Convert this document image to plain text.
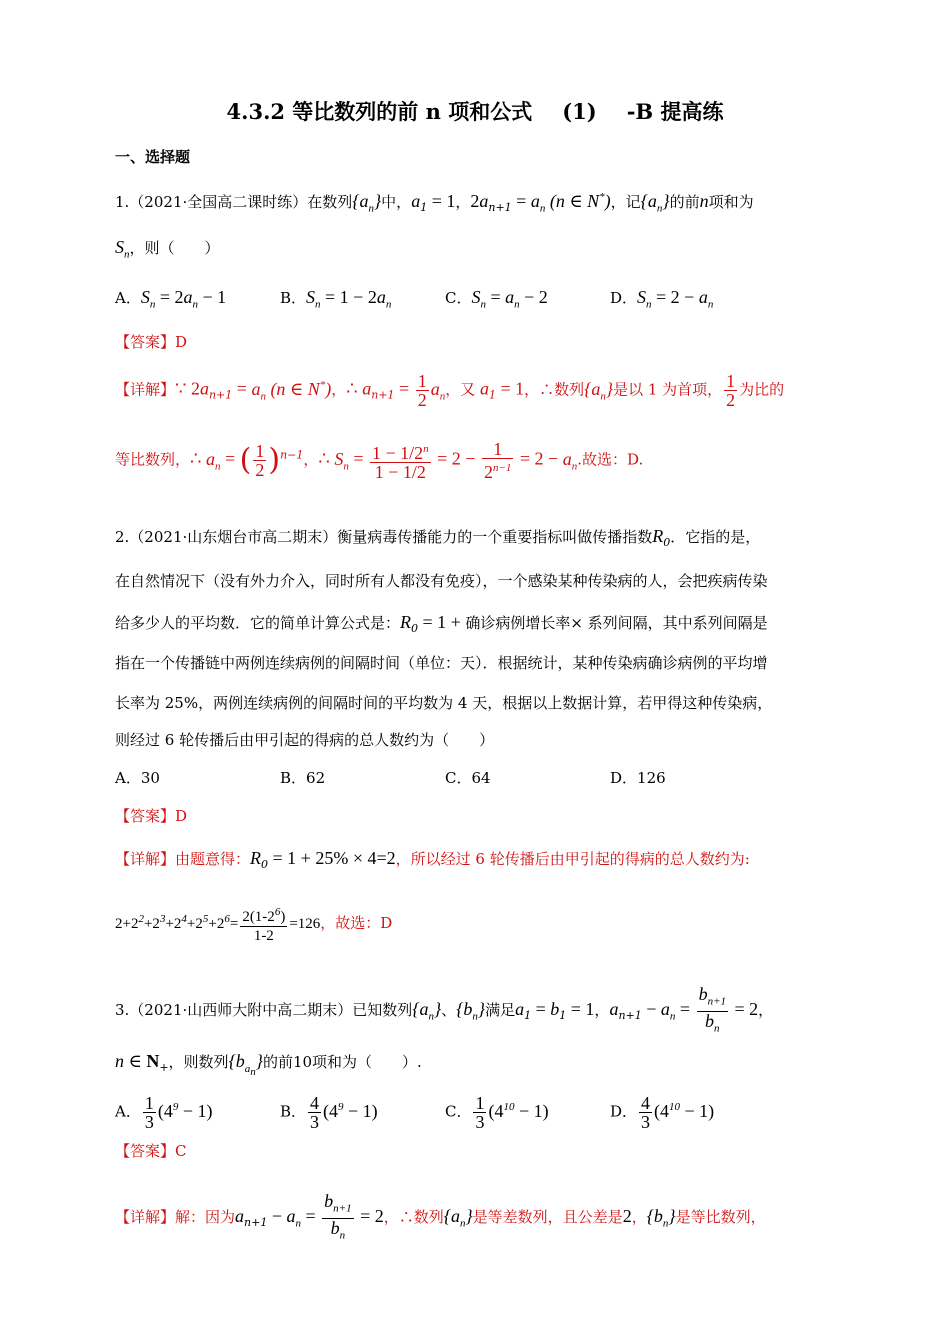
4.3.2 等比数列的前 n 项和公式 (1) -B 提高练
一、选择题
1.（2021·全国高二课时练）在数列$\{a_n\}$中，$a_1 = 1$，$2a_{n+1} = a_n$ (n ∈ N*)，记$\{a_n\}$的前n项和为
$S_n$，则（　　）
A．$S_n = 2a_n - 1$	B．$S_n = 1 - 2a_n$	C．$S_n = a_n - 2$	D．$S_n = 2 - a_n$
【答案】D
【详解】∵ $2a_{n+1} = a_n$ (n ∈ N*)，∴ $a_{n+1} = \frac{1}{2} a_n$，又 $a_1 = 1$，∴数列$\{a_n\}$是以 1 为首项， $\frac{1}{2}$ 为比的
等比数列，∴ $a_n$ = ( $\frac{1}{2} )^{n-1}$，∴ $S_n = \frac{1 - 1/2^n}{1 - 1/2} = 2 - \frac{1}{2^{n-1}} = 2 - a_n$.故选：D.
2.（2021·山东烟台市高二期末）衡量病毒传播能力的一个重要指标叫做传播指数$R_0$．它指的是，
在自然情况下（没有外力介入，同时所有人都没有免疫），一个感染某种传染病的人，会把疾病传染
给多少人的平均数．它的简单计算公式是：$R_0 = 1$ + 确诊病例增长率× 系列间隔，其中系列间隔是
指在一个传播链中两例连续病例的间隔时间（单位：天）．根据统计，某种传染病确诊病例的平均增
长率为 25%，两例连续病例的间隔时间的平均数为 4 天，根据以上数据计算，若甲得这种传染病，
则经过 6 轮传播后由甲引起的得病的总人数约为（　　）
A．30	B．62	C．64	D．126
【答案】D
【详解】由题意得：$R_0 = 1 + 25\% \times 4=2$，所以经过 6 轮传播后由甲引起的得病的总人数约为:
$2+2^2+2^3+2^4+2^5+2^6= \frac{2(1-2^6)}{1-2} =126$，故选：D
3.（2021·山西师大附中高二期末）已知数列$\{a_n\}$、$\{b_n\}$满足$a_1 = b_1 = 1$，$a_{n+1} - a_n = \frac{b_{n+1}}{b_n} = 2$，
n ∈ $N_+$，则数列$\{b_{a_n}\}$的前10项和为（　　）.
A． $\frac{1}{3} (4^9 - 1)$	B． $\frac{4}{3} (4^9 - 1)$	C． $\frac{1}{3} (4^{10} - 1)$	D． $\frac{4}{3} (4^{10} - 1)$
【答案】C
【详解】解：因为$a_{n+1} - a_n = \frac{b_{n+1}}{b_n} = 2$，∴数列$\{a_n\}$是等差数列，且公差是2，$\{b_n\}$是等比数列，
